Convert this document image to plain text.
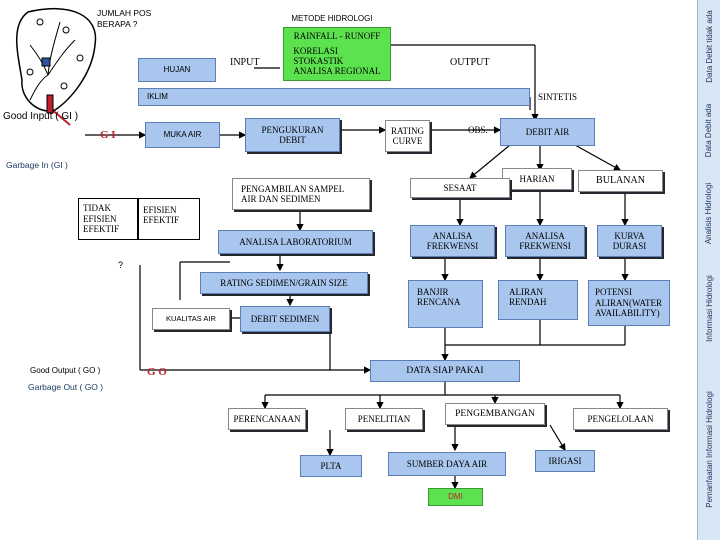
JUMLAH POS
BERAPA ?
METODE HIDROLOGI
RAINFALL - RUNOFF
KORELASI
STOKASTIK
ANALISA REGIONAL
HUJAN
INPUT	OUTPUT
IKLIM	SINTETIS
Good Input ( GI )
G I	MUKA AIR
PENGUKURAN
DEBIT
RATING
CURVE
OBS.	DEBIT AIR
Garbage In (GI )
HARIAN	BULANAN
PENGAMBILAN SAMPEL
AIR DAN SEDIMEN
SESAAT
TIDAK
EFISIEN
EFEKTIF
EFISIEN
EFEKTIF
ANALISA LABORATORIUM
ANALISA
FREKWENSI
ANALISA
FREKWENSI
KURVA
DURASI
?
RATING SEDIMEN/GRAIN SIZE
BANJIR
RENCANA
ALIRAN
RENDAH
POTENSI
ALIRAN(WATER
AVAILABILITY)
KUALITAS AIR	DEBIT SEDIMEN
Good Output ( GO )	G O
Garbage Out ( GO )
DATA SIAP PAKAI
PERENCANAAN	PENELITIAN
PENGEMBANGAN
PENGELOLAAN
PLTA	SUMBER DAYA AIR	IRIGASI
DMI
Data Debit tidak ada
Data Debit ada
Analisis Hidrologi
Informasi Hidrologi
Pemanfaatan Informasi Hidrologi
